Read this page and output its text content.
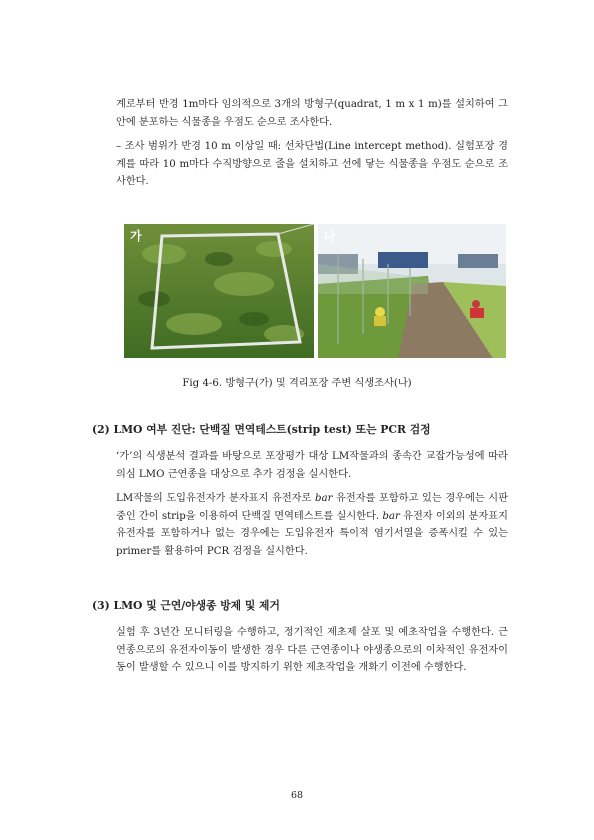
계로부터 반경 1m마다 임의적으로 3개의 방형구(quadrat, 1 m x 1 m)를 설치하여 그 안에 분포하는 식물종을 우점도 순으로 조사한다.

– 조사 범위가 반경 10 m 이상일 때: 선차단법(Line intercept method). 실험포장 경계를 따라 10 m마다 수직방향으로 줄을 설치하고 선에 닿는 식물종을 우점도 순으로 조사한다.

가	나
Fig 4-6. 방형구(가) 및 격리포장 주변 식생조사(나)
(2) LMO 여부 진단: 단백질 면역테스트(strip test) 또는 PCR 검정

‘가’의 식생분석 결과를 바탕으로 포장평가 대상 LM작물과의 종속간 교잡가능성에 따라 의심 LMO 근연종을 대상으로 추가 검정을 실시한다.

LM작물의 도입유전자가 분자표지 유전자로 bar 유전자를 포함하고 있는 경우에는 시판 중인 간이 strip을 이용하여 단백질 면역테스트를 실시한다. bar 유전자 이외의 분자표지 유전자를 포함하거나 없는 경우에는 도입유전자 특이적 염기서열을 증폭시킬 수 있는 primer를 활용하여 PCR 검정을 실시한다.

(3) LMO 및 근연/야생종 방제 및 제거

실험 후 3년간 모니터링을 수행하고, 정기적인 제초제 살포 및 예초작업을 수행한다. 근연종으로의 유전자이동이 발생한 경우 다른 근연종이나 야생종으로의 이차적인 유전자이동이 발생할 수 있으니 이를 방지하기 위한 제초작업을 개화기 이전에 수행한다.

68
